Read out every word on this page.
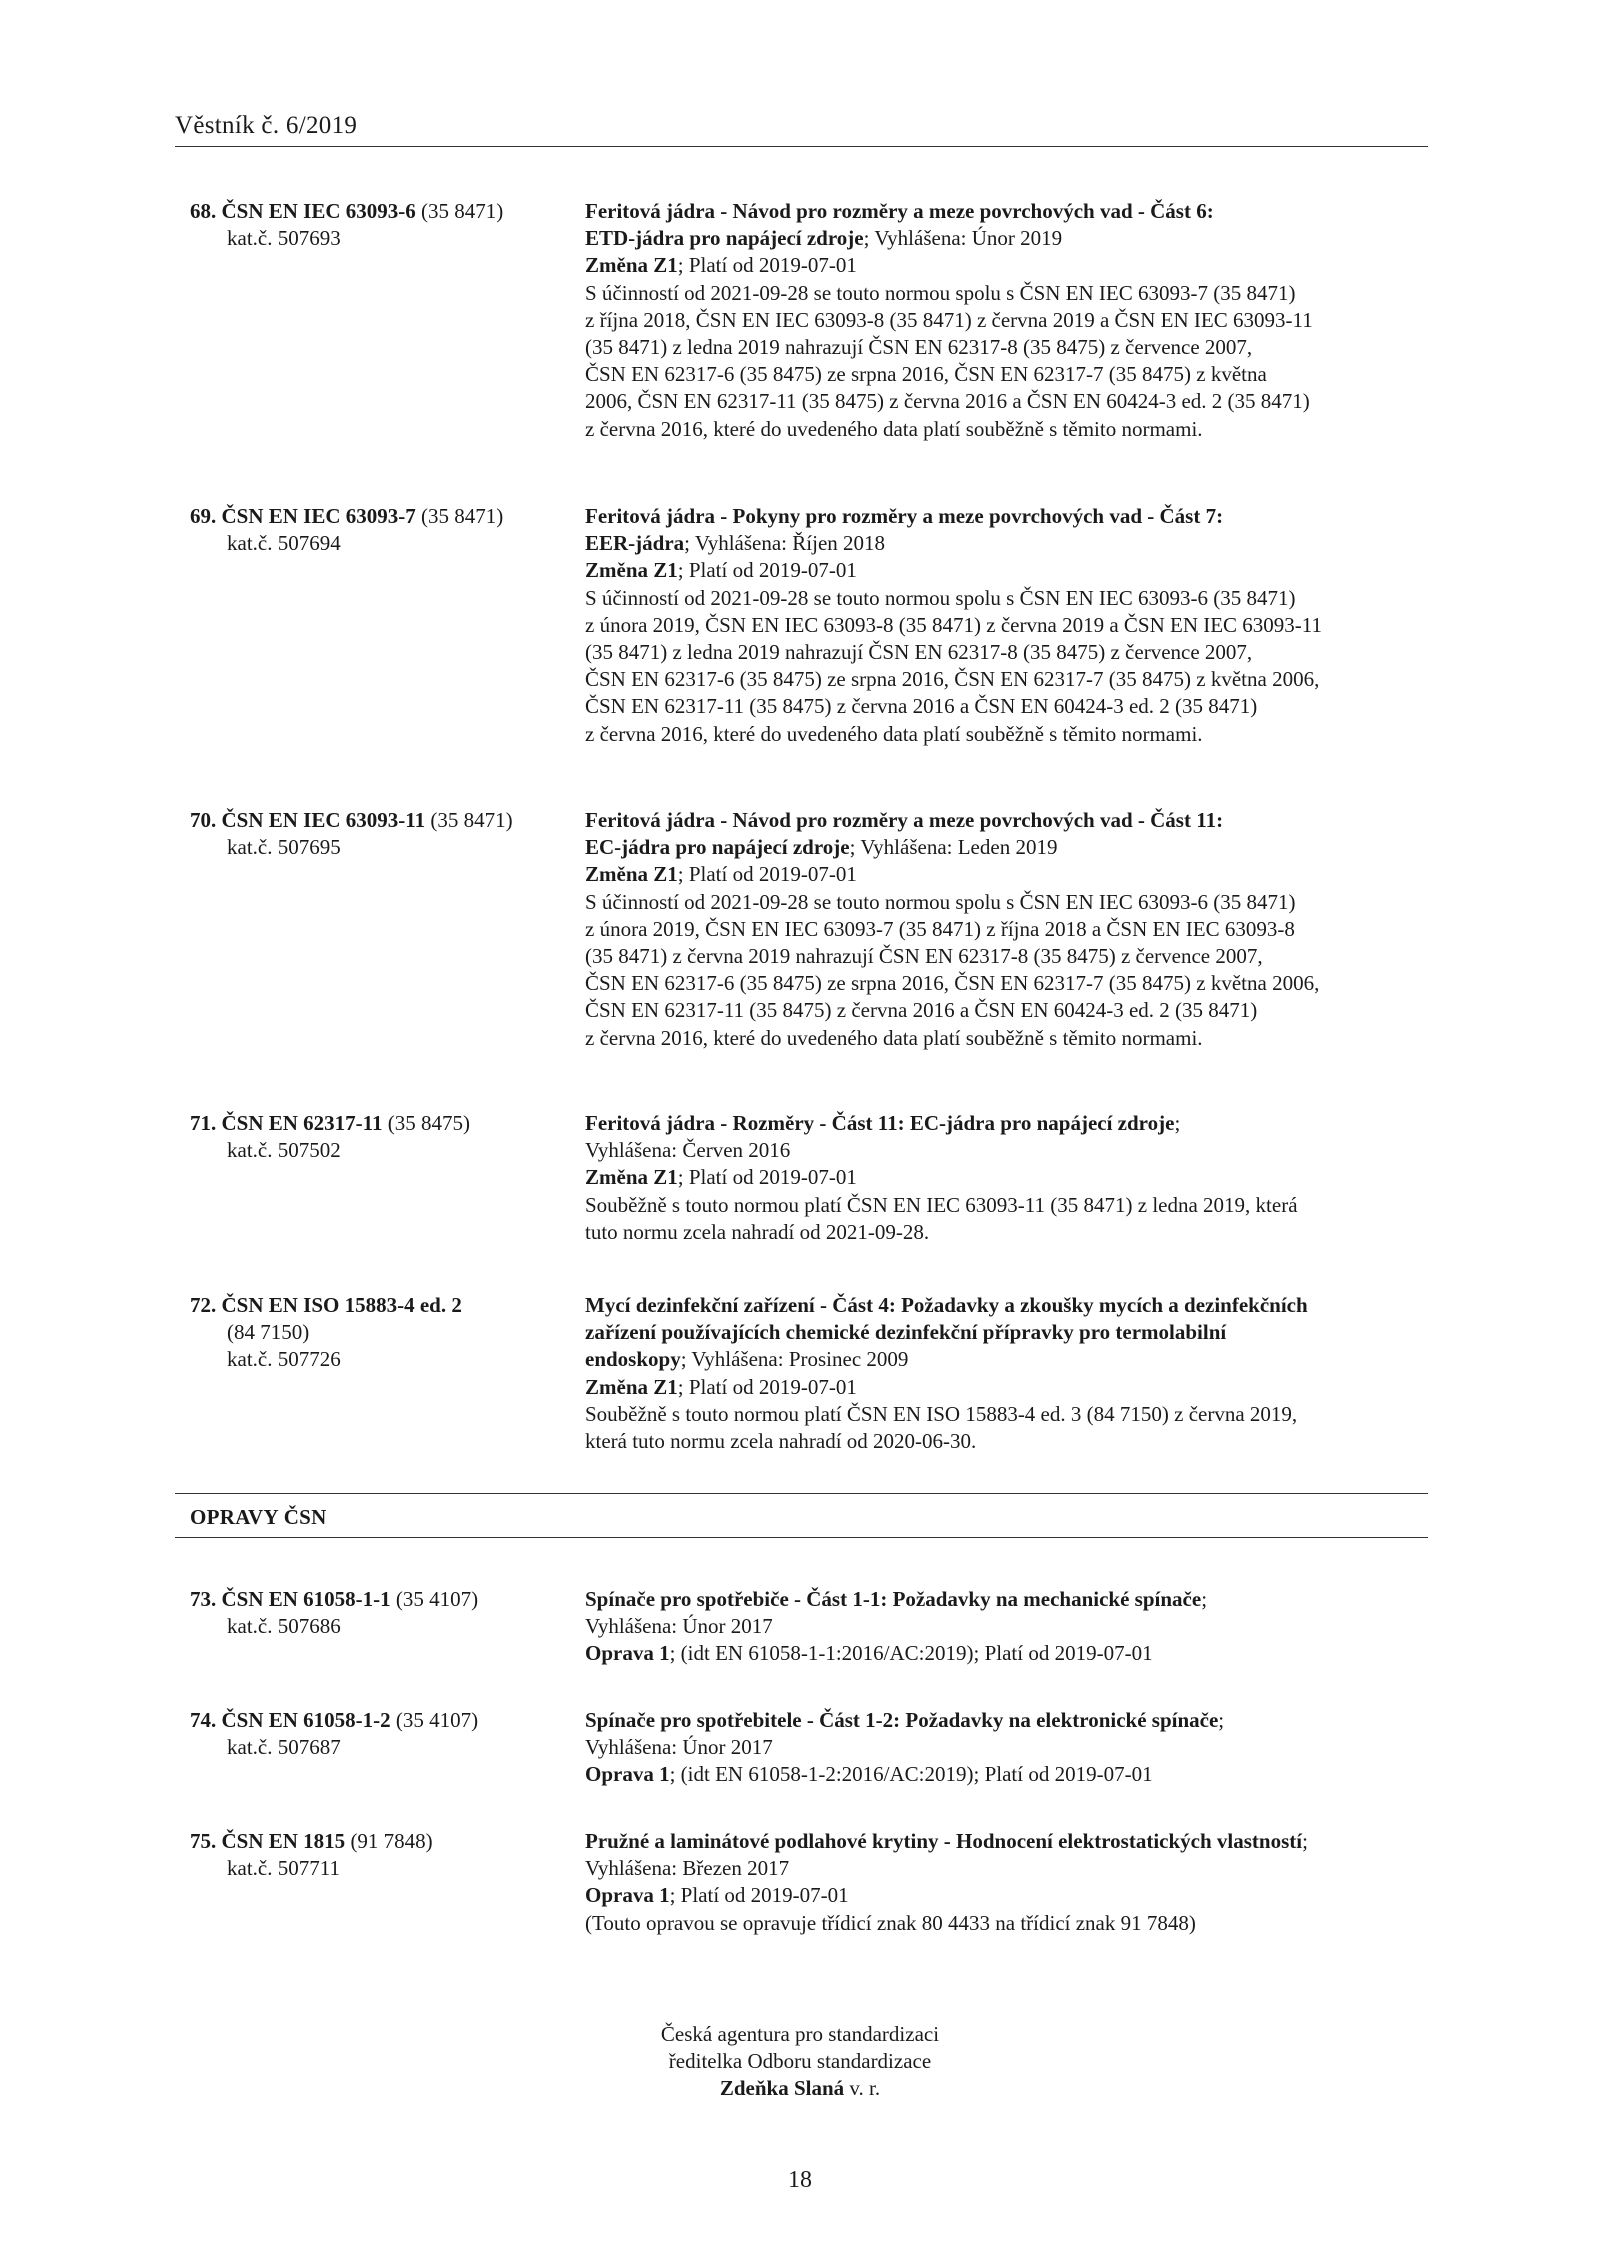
Věstník č. 6/2019
68. ČSN EN IEC 63093-6 (35 8471)
kat.č. 507693
Feritová jádra - Návod pro rozměry a meze povrchových vad - Část 6:
ETD-jádra pro napájecí zdroje; Vyhlášena: Únor 2019
Změna Z1; Platí od 2019-07-01
S účinností od 2021-09-28 se touto normou spolu s ČSN EN IEC 63093-7 (35 8471)
z října 2018, ČSN EN IEC 63093-8 (35 8471) z června 2019 a ČSN EN IEC 63093-11
(35 8471) z ledna 2019 nahrazují ČSN EN 62317-8 (35 8475) z července 2007,
ČSN EN 62317-6 (35 8475) ze srpna 2016, ČSN EN 62317-7 (35 8475) z května
2006, ČSN EN 62317-11 (35 8475) z června 2016 a ČSN EN 60424-3 ed. 2 (35 8471)
z června 2016, které do uvedeného data platí souběžně s těmito normami.
69. ČSN EN IEC 63093-7 (35 8471)
kat.č. 507694
Feritová jádra - Pokyny pro rozměry a meze povrchových vad - Část 7:
EER-jádra; Vyhlášena: Říjen 2018
Změna Z1; Platí od 2019-07-01
S účinností od 2021-09-28 se touto normou spolu s ČSN EN IEC 63093-6 (35 8471)
z února 2019, ČSN EN IEC 63093-8 (35 8471) z června 2019 a ČSN EN IEC 63093-11
(35 8471) z ledna 2019 nahrazují ČSN EN 62317-8 (35 8475) z července 2007,
ČSN EN 62317-6 (35 8475) ze srpna 2016, ČSN EN 62317-7 (35 8475) z května 2006,
ČSN EN 62317-11 (35 8475) z června 2016 a ČSN EN 60424-3 ed. 2 (35 8471)
z června 2016, které do uvedeného data platí souběžně s těmito normami.
70. ČSN EN IEC 63093-11 (35 8471)
kat.č. 507695
Feritová jádra - Návod pro rozměry a meze povrchových vad - Část 11:
EC-jádra pro napájecí zdroje; Vyhlášena: Leden 2019
Změna Z1; Platí od 2019-07-01
S účinností od 2021-09-28 se touto normou spolu s ČSN EN IEC 63093-6 (35 8471)
z února 2019, ČSN EN IEC 63093-7 (35 8471) z října 2018 a ČSN EN IEC 63093-8
(35 8471) z června 2019 nahrazují ČSN EN 62317-8 (35 8475) z července 2007,
ČSN EN 62317-6 (35 8475) ze srpna 2016, ČSN EN 62317-7 (35 8475) z května 2006,
ČSN EN 62317-11 (35 8475) z června 2016 a ČSN EN 60424-3 ed. 2 (35 8471)
z června 2016, které do uvedeného data platí souběžně s těmito normami.
71. ČSN EN 62317-11 (35 8475)
kat.č. 507502
Feritová jádra - Rozměry - Část 11: EC-jádra pro napájecí zdroje;
Vyhlášena: Červen 2016
Změna Z1; Platí od 2019-07-01
Souběžně s touto normou platí ČSN EN IEC 63093-11 (35 8471) z ledna 2019, která
tuto normu zcela nahradí od 2021-09-28.
72. ČSN EN ISO 15883-4 ed. 2
(84 7150)
kat.č. 507726
Mycí dezinfekční zařízení - Část 4: Požadavky a zkoušky mycích a dezinfekčních
zařízení používajících chemické dezinfekční přípravky pro termolabilní
endoskopy; Vyhlášena: Prosinec 2009
Změna Z1; Platí od 2019-07-01
Souběžně s touto normou platí ČSN EN ISO 15883-4 ed. 3 (84 7150) z června 2019,
která tuto normu zcela nahradí od 2020-06-30.
OPRAVY ČSN
73. ČSN EN 61058-1-1 (35 4107)
kat.č. 507686
Spínače pro spotřebiče - Část 1-1: Požadavky na mechanické spínače;
Vyhlášena: Únor 2017
Oprava 1; (idt EN 61058-1-1:2016/AC:2019); Platí od 2019-07-01
74. ČSN EN 61058-1-2 (35 4107)
kat.č. 507687
Spínače pro spotřebitele - Část 1-2: Požadavky na elektronické spínače;
Vyhlášena: Únor 2017
Oprava 1; (idt EN 61058-1-2:2016/AC:2019); Platí od 2019-07-01
75. ČSN EN 1815 (91 7848)
kat.č. 507711
Pružné a laminátové podlahové krytiny - Hodnocení elektrostatických vlastností;
Vyhlášena: Březen 2017
Oprava 1; Platí od 2019-07-01
(Touto opravou se opravuje třídicí znak 80 4433 na třídicí znak 91 7848)
Česká agentura pro standardizaci
ředitelka Odboru standardizace
Zdeňka Slaná v. r.
18
